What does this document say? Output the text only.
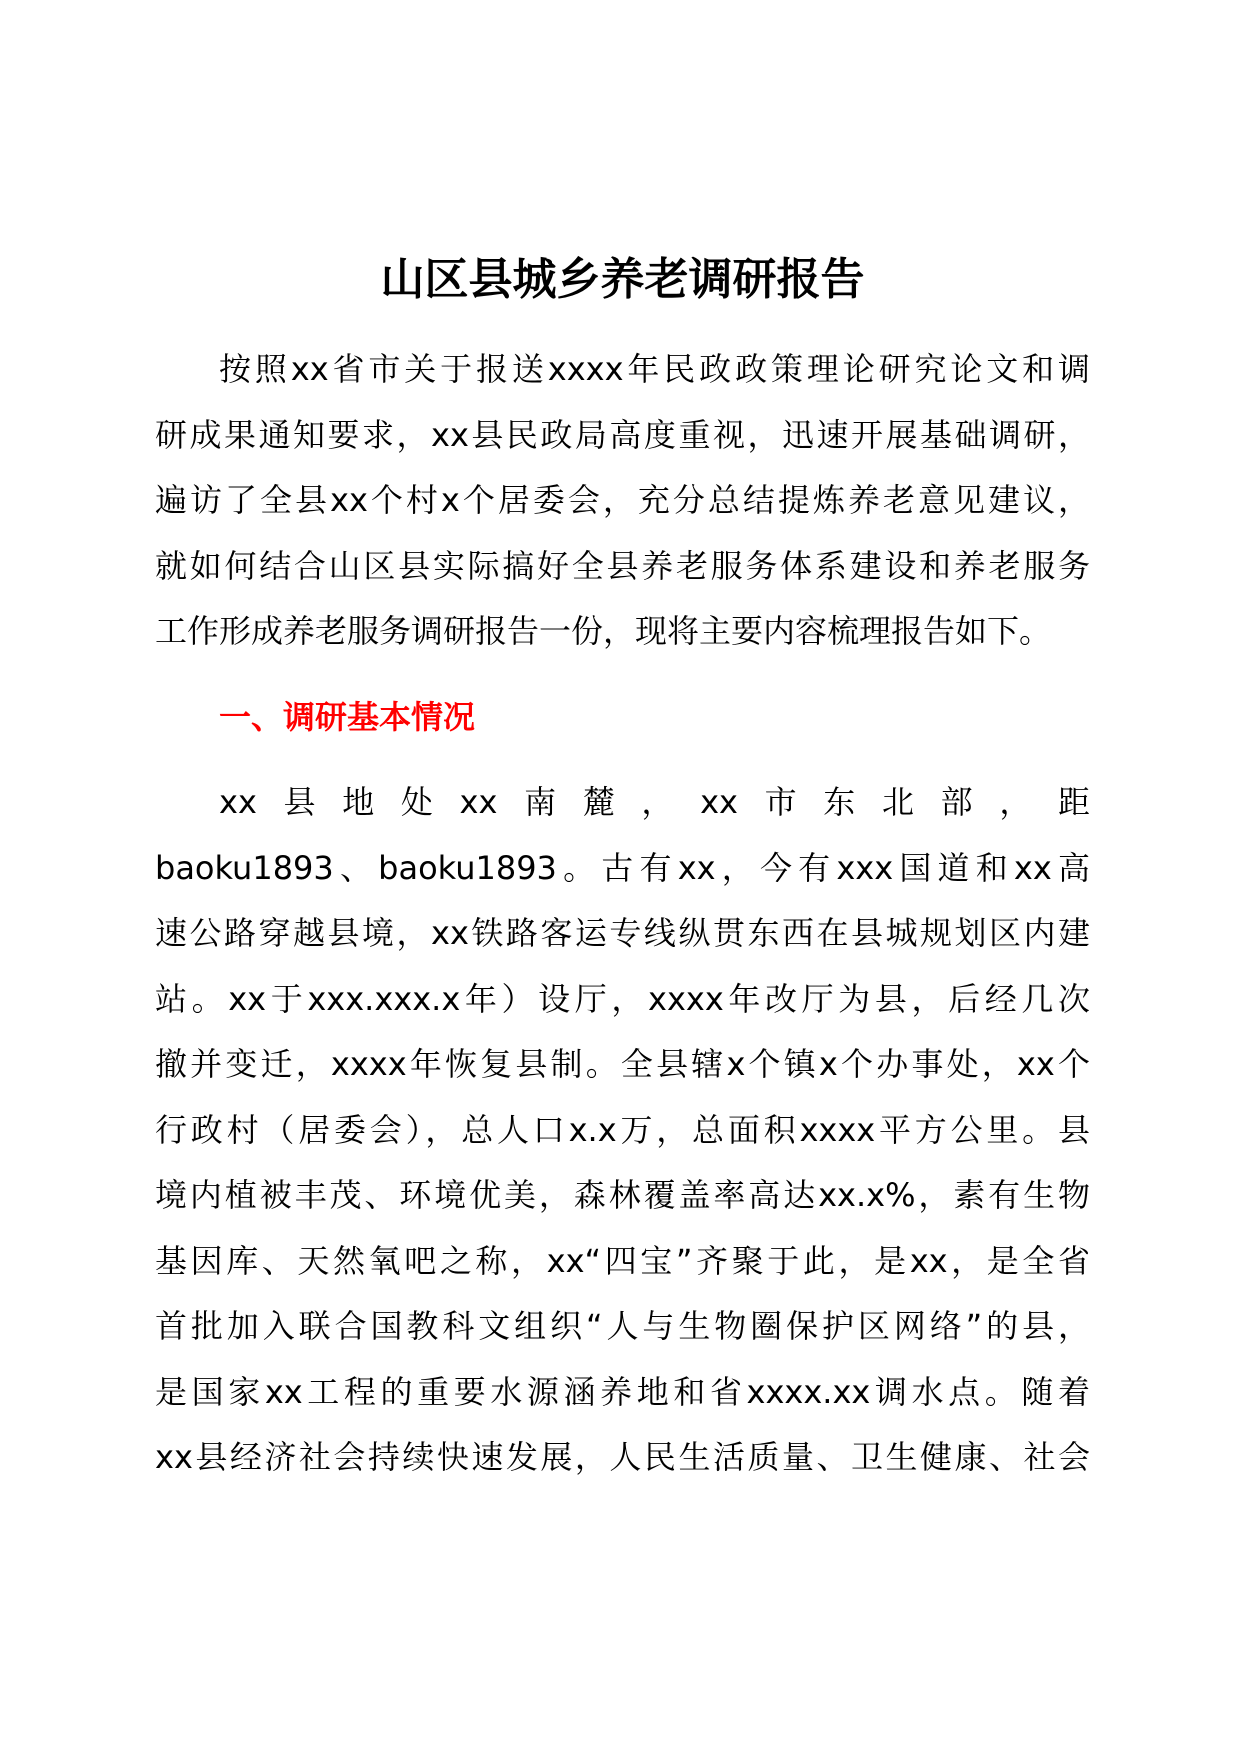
山区县城乡养老调研报告
按照xx省市关于报送xxxx年民政政策理论研究论文和调
研成果通知要求，xx县民政局高度重视，迅速开展基础调研，
遍访了全县xx个村x个居委会，充分总结提炼养老意见建议，
就如何结合山区县实际搞好全县养老服务体系建设和养老服务
工作形成养老服务调研报告一份，现将主要内容梳理报告如下。
一、调研基本情况
xx 县 地 处 xx 南 麓 ， xx 市 东 北 部 ， 距
baoku1893、baoku1893。古有xx，今有xxx国道和xx高
速公路穿越县境，xx铁路客运专线纵贯东西在县城规划区内建
站。xx于xxx.xxx.x年）设厅，xxxx年改厅为县，后经几次
撤并变迁，xxxx年恢复县制。全县辖x个镇x个办事处，xx个
行政村（居委会），总人口x.x万，总面积xxxx平方公里。县
境内植被丰茂、环境优美，森林覆盖率高达xx.x%，素有生物
基因库、天然氧吧之称，xx“四宝”齐聚于此，是xx，是全省
首批加入联合国教科文组织“人与生物圈保护区网络”的县，
是国家xx工程的重要水源涵养地和省xxxx.xx调水点。随着
xx县经济社会持续快速发展，人民生活质量、卫生健康、社会
